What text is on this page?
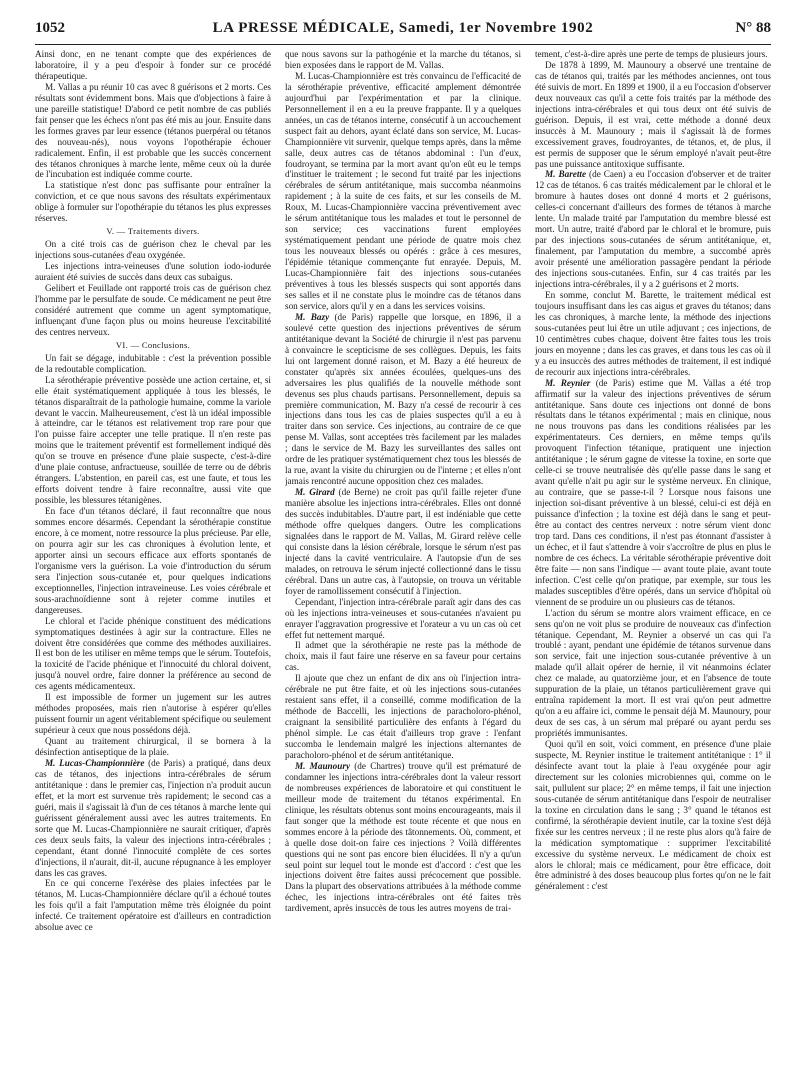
1052	LA PRESSE MÉDICALE, Samedi, 1er Novembre 1902	N° 88

Ainsi donc, en ne tenant compte que des expériences de laboratoire, il y a peu d'espoir à fonder sur ce procédé thérapeutique.

M. Vallas a pu réunir 10 cas avec 8 guérisons et 2 morts. Ces résultats sont évidemment bons. Mais que d'objections à faire à une pareille statistique! D'abord ce petit nombre de cas publiés fait penser que les échecs n'ont pas été mis au jour. Ensuite dans les formes graves par leur essence (tétanos puerpéral ou tétanos des nouveau-nés), nous voyons l'opothérapie échouer radicalement. Enfin, il est probable que les succès concernent des tétanos chroniques à marche lente, même ceux où la durée de l'incubation est indiquée comme courte.

La statistique n'est donc pas suffisante pour entraîner la conviction, et ce que nous savons des résultats expérimentaux oblige à formuler sur l'opothérapie du tétanos les plus expresses réserves.

V. — Traitements divers.

On a cité trois cas de guérison chez le cheval par les injections sous-cutanées d'eau oxygénée.

Les injections intra-veineuses d'une solution iodo-iodurée auraient été suivies de succès dans deux cas subaigus.

Gelibert et Feuillade ont rapporté trois cas de guérison chez l'homme par le persulfate de soude. Ce médicament ne peut être considéré autrement que comme un agent symptomatique, influençant d'une façon plus ou moins heureuse l'excitabilité des centres nerveux.

VI. — Conclusions.

Un fait se dégage, indubitable : c'est la prévention possible de la redoutable complication.

La sérothérapie préventive possède une action certaine, et, si elle était systématiquement appliquée à tous les blessés, le tétanos disparaîtrait de la pathologie humaine, comme la variole devant le vaccin. Malheureusement, c'est là un idéal impossible à atteindre, car le tétanos est relativement trop rare pour que l'on puisse faire accepter une telle pratique. Il n'en reste pas moins que le traitement préventif est formellement indiqué dès qu'on se trouve en présence d'une plaie suspecte, c'est-à-dire d'une plaie contuse, anfractueuse, souillée de terre ou de débris étrangers. L'abstention, en pareil cas, est une faute, et tous les efforts doivent tendre à faire reconnaître, aussi vite que possible, les blessures tétanigènes.

En face d'un tétanos déclaré, il faut reconnaître que nous sommes encore désarmés. Cependant la sérothérapie constitue encore, à ce moment, notre ressource la plus précieuse. Par elle, on pourra agir sur les cas chroniques à évolution lente, et apporter ainsi un secours efficace aux efforts spontanés de l'organisme vers la guérison. La voie d'introduction du sérum sera l'injection sous-cutanée et, pour quelques indications exceptionnelles, l'injection intraveineuse. Les voies cérébrale et sous-arachnoïdienne sont à rejeter comme inutiles et dangereuses.

Le chloral et l'acide phénique constituent des médications symptomatiques destinées à agir sur la contracture. Elles ne doivent être considérées que comme des méthodes auxiliaires. Il est bon de les utiliser en même temps que le sérum. Toutefois, la toxicité de l'acide phénique et l'innocuité du chloral doivent, jusqu'à nouvel ordre, faire donner la préférence au second de ces agents médicamenteux.

Il est impossible de former un jugement sur les autres méthodes proposées, mais rien n'autorise à espérer qu'elles puissent fournir un agent véritablement spécifique ou seulement supérieur à ceux que nous possédons déjà.

Quant au traitement chirurgical, il se bornera à la désinfection antiseptique de la plaie.

M. Lucas-Championnière (de Paris) a pratiqué, dans deux cas de tétanos, des injections intra-cérébrales de sérum antitétanique : dans le premier cas, l'injection n'a produit aucun effet, et la mort est survenue très rapidement; le second cas a guéri, mais il s'agissait là d'un de ces tétanos à marche lente qui guérissent généralement aussi avec les autres traitements. En sorte que M. Lucas-Championnière ne saurait critiquer, d'après ces deux seuls faits, la valeur des injections intra-cérébrales ; cependant, étant donné l'innocuité complète de ces sortes d'injections, il n'aurait, dit-il, aucune répugnance à les employer dans les cas graves.

En ce qui concerne l'exérèse des plaies infectées par le tétanos, M. Lucas-Championnière déclare qu'il a échoué toutes les fois qu'il a fait l'amputation même très éloignée du point infecté. Ce traitement opératoire est d'ailleurs en contradiction absolue avec ce

que nous savons sur la pathogénie et la marche du tétanos, si bien exposées dans le rapport de M. Vallas.

M. Lucas-Championnière est très convaincu de l'efficacité de la sérothérapie préventive, efficacité amplement démontrée aujourd'hui par l'expérimentation et par la clinique. Personnellement il en a eu la preuve frappante. Il y a quelques années, un cas de tétanos interne, consécutif à un accouchement suspect fait au dehors, ayant éclaté dans son service, M. Lucas-Championnière vit survenir, quelque temps après, dans la même salle, deux autres cas de tétanos abdominal : l'un d'eux, foudroyant, se termina par la mort avant qu'on eût eu le temps d'instituer le traitement ; le second fut traité par les injections cérébrales de sérum antitétanique, mais succomba néanmoins rapidement ; à la suite de ces faits, et sur les conseils de M. Roux, M. Lucas-Championnière vaccina préventivement avec le sérum antitétanique tous les malades et tout le personnel de son service; ces vaccinations furent employées systématiquement pendant une période de quatre mois chez tous les nouveaux blessés ou opérés : grâce à ces mesures, l'épidémie tétanique commençante fut enrayée. Depuis, M. Lucas-Championnière fait des injections sous-cutanées préventives à tous les blessés suspects qui sont apportés dans ses salles et il ne constate plus le moindre cas de tétanos dans son service, alors qu'il y en a dans les services voisins.

M. Bazy (de Paris) rappelle que lorsque, en 1896, il a soulevé cette question des injections préventives de sérum antitétanique devant la Société de chirurgie il n'est pas parvenu à convaincre le scepticisme de ses collègues. Depuis, les faits lui ont largement donné raison, et M. Bazy a été heureux de constater qu'après six années écoulées, quelques-uns des adversaires les plus qualifiés de la nouvelle méthode sont devenus ses plus chauds partisans. Personnellement, depuis sa première communication, M. Bazy n'a cessé de recourir à ces injections dans tous les cas de plaies suspectes qu'il a eu à traiter dans son service. Ces injections, au contraire de ce que pense M. Vallas, sont acceptées très facilement par les malades ; dans le service de M. Bazy les surveillantes des salles ont ordre de les pratiquer systématiquement chez tous les blessés de la rue, avant la visite du chirurgien ou de l'interne ; et elles n'ont jamais rencontré aucune opposition chez ces malades.

M. Girard (de Berne) ne croit pas qu'il faille rejeter d'une manière absolue les injections intra-cérébrales. Elles ont donné des succès indubitables. D'autre part, il est indéniable que cette méthode offre quelques dangers. Outre les complications signalées dans le rapport de M. Vallas, M. Girard relève celle qui consiste dans la lésion cérébrale, lorsque le sérum n'est pas injecté dans la cavité ventriculaire. A l'autopsie d'un de ses malades, on retrouva le sérum injecté collectionné dans le tissu cérébral. Dans un autre cas, à l'autopsie, on trouva un véritable foyer de ramollissement consécutif à l'injection.

Cependant, l'injection intra-cérébrale paraît agir dans des cas où les injections intra-veineuses et sous-cutanées n'avaient pu enrayer l'aggravation progressive et l'orateur a vu un cas où cet effet fut nettement marqué.

Il admet que la sérothérapie ne reste pas la méthode de choix, mais il faut faire une réserve en sa faveur pour certains cas.

Il ajoute que chez un enfant de dix ans où l'injection intra-cérébrale ne put être faite, et où les injections sous-cutanées restaient sans effet, il a conseillé, comme modification de la méthode de Baccelli, les injections de paracholoro-phénol, craignant la sensibilité particulière des enfants à l'égard du phénol simple. Le cas était d'ailleurs trop grave : l'enfant succomba le lendemain malgré les injections alternantes de paracholoro-phénol et de sérum antitétanique.

M. Maunoury (de Chartres) trouve qu'il est prématuré de condamner les injections intra-cérébrales dont la valeur ressort de nombreuses expériences de laboratoire et qui constituent le meilleur mode de traitement du tétanos expérimental. En clinique, les résultats obtenus sont moins encourageants, mais il faut songer que la méthode est toute récente et que nous en sommes encore à la période des tâtonnements. Où, comment, et à quelle dose doit-on faire ces injections ? Voilà différentes questions qui ne sont pas encore bien élucidées. Il n'y a qu'un seul point sur lequel tout le monde est d'accord : c'est que les injections doivent être faites aussi précocement que possible. Dans la plupart des observations attribuées à la méthode comme échec, les injections intra-cérébrales ont été faites très tardivement, après insuccès de tous les autres moyens de trai-

tement, c'est-à-dire après une perte de temps de plusieurs jours.

De 1878 à 1899, M. Maunoury a observé une trentaine de cas de tétanos qui, traités par les méthodes anciennes, ont tous été suivis de mort. En 1899 et 1900, il a eu l'occasion d'observer deux nouveaux cas qu'il a cette fois traités par la méthode des injections intra-cérébrales et qui tous deux ont été suivis de guérison. Depuis, il est vrai, cette méthode a donné deux insuccès à M. Maunoury ; mais il s'agissait là de formes excessivement graves, foudroyantes, de tétanos, et, de plus, il est permis de supposer que le sérum employé n'avait peut-être pas une puissance antitoxique suffisante.

M. Barette (de Caen) a eu l'occasion d'observer et de traiter 12 cas de tétanos. 6 cas traités médicalement par le chloral et le bromure à hautes doses ont donné 4 morts et 2 guérisons, celles-ci concernant d'ailleurs des formes de tétanos à marche lente. Un malade traité par l'amputation du membre blessé est mort. Un autre, traité d'abord par le chloral et le bromure, puis par des injections sous-cutanées de sérum antitétanique, et, finalement, par l'amputation du membre, a succombé après avoir présenté une amélioration passagère pendant la période des injections sous-cutanées. Enfin, sur 4 cas traités par les injections intra-cérébrales, il y a 2 guérisons et 2 morts.

En somme, conclut M. Barette, le traitement médical est toujours insuffisant dans les cas aigus et graves du tétanos; dans les cas chroniques, à marche lente, la méthode des injections sous-cutanées peut lui être un utile adjuvant ; ces injections, de 10 centimètres cubes chaque, doivent être faites tous les trois jours en moyenne ; dans les cas graves, et dans tous les cas où il y a eu insuccès des autres méthodes de traitement, il est indiqué de recourir aux injections intra-cérébrales.

M. Reynier (de Paris) estime que M. Vallas a été trop affirmatif sur la valeur des injections préventives de sérum antitétanique. Sans doute ces injections ont donné de bons résultats dans le tétanos expérimental ; mais en clinique, nous ne nous trouvons pas dans les conditions réalisées par les expérimentateurs. Ces derniers, en même temps qu'ils provoquent l'infection tétanique, pratiquent une injection antitétanique ; le sérum gagne de vitesse la toxine, en sorte que celle-ci se trouve neutralisée dès qu'elle passe dans le sang et avant qu'elle n'ait pu agir sur le système nerveux. En clinique, au contraire, que se passe-t-il ? Lorsque nous faisons une injection soi-disant préventive à un blessé, celui-ci est déjà en puissance d'infection ; la toxine est déjà dans le sang et peut-être au contact des centres nerveux : notre sérum vient donc trop tard. Dans ces conditions, il n'est pas étonnant d'assister à un échec, et il faut s'attendre à voir s'accroître de plus en plus le nombre de ces échecs. La véritable sérothérapie préventive doit être faite — non sans l'indique — avant toute plaie, avant toute infection. C'est celle qu'on pratique, par exemple, sur tous les malades susceptibles d'être opérés, dans un service d'hôpital où viennent de se produire un ou plusieurs cas de tétanos.

L'action du sérum se montre alors vraiment efficace, en ce sens qu'on ne voit plus se produire de nouveaux cas d'infection tétanique. Cependant, M. Reynier a observé un cas qui l'a troublé : ayant, pendant une épidémie de tétanos survenue dans son service, fait une injection sous-cutanée préventive à un malade qu'il allait opérer de hernie, il vit néanmoins éclater chez ce malade, au quatorzième jour, et en l'absence de toute suppuration de la plaie, un tétanos particulièrement grave qui entraîna rapidement la mort. Il est vrai qu'on peut admettre qu'on a eu affaire ici, comme le pensait déjà M. Maunoury, pour deux de ses cas, à un sérum mal préparé ou ayant perdu ses propriétés immunisantes.

Quoi qu'il en soit, voici comment, en présence d'une plaie suspecte, M. Reynier institue le traitement antitétanique : 1° il désinfecte avant tout la plaie à l'eau oxygénée pour agir directement sur les colonies microbiennes qui, comme on le sait, pullulent sur place; 2° en même temps, il fait une injection sous-cutanée de sérum antitétanique dans l'espoir de neutraliser la toxine en circulation dans le sang ; 3° quand le tétanos est confirmé, la sérothérapie devient inutile, car la toxine s'est déjà fixée sur les centres nerveux ; il ne reste plus alors qu'à faire de la médication symptomatique : supprimer l'excitabilité excessive du système nerveux. Le médicament de choix est alors le chloral; mais ce médicament, pour être efficace, doit être administré à des doses beaucoup plus fortes qu'on ne le fait généralement : c'est
